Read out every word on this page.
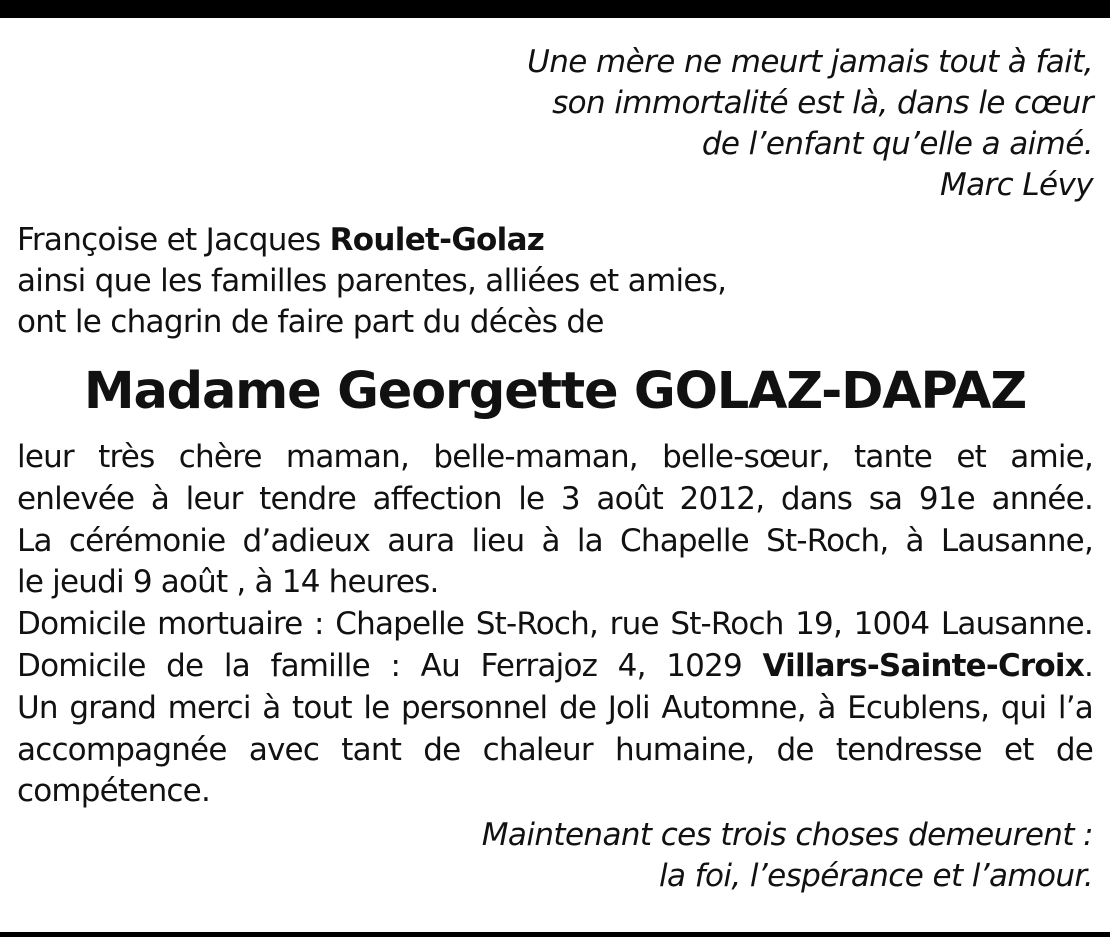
Une mère ne meurt jamais tout à fait,
son immortalité est là, dans le cœur
de l’enfant qu’elle a aimé.
Marc Lévy
Françoise et Jacques Roulet-Golaz
ainsi que les familles parentes, alliées et amies,
ont le chagrin de faire part du décès de
Madame Georgette GOLAZ-DAPAZ
leur très chère maman, belle-maman, belle-sœur, tante et amie,
enlevée à leur tendre affection le 3 août 2012, dans sa 91e année.
La cérémonie d’adieux aura lieu à la Chapelle St-Roch, à Lausanne,
le jeudi 9 août , à 14 heures.
Domicile mortuaire : Chapelle St-Roch, rue St-Roch 19, 1004 Lausanne.
Domicile de la famille : Au Ferrajoz 4, 1029 Villars-Sainte-Croix.
Un grand merci à tout le personnel de Joli Automne, à Ecublens, qui l’a
accompagnée avec tant de chaleur humaine, de tendresse et de
compétence.
Maintenant ces trois choses demeurent :
la foi, l’espérance et l’amour.
